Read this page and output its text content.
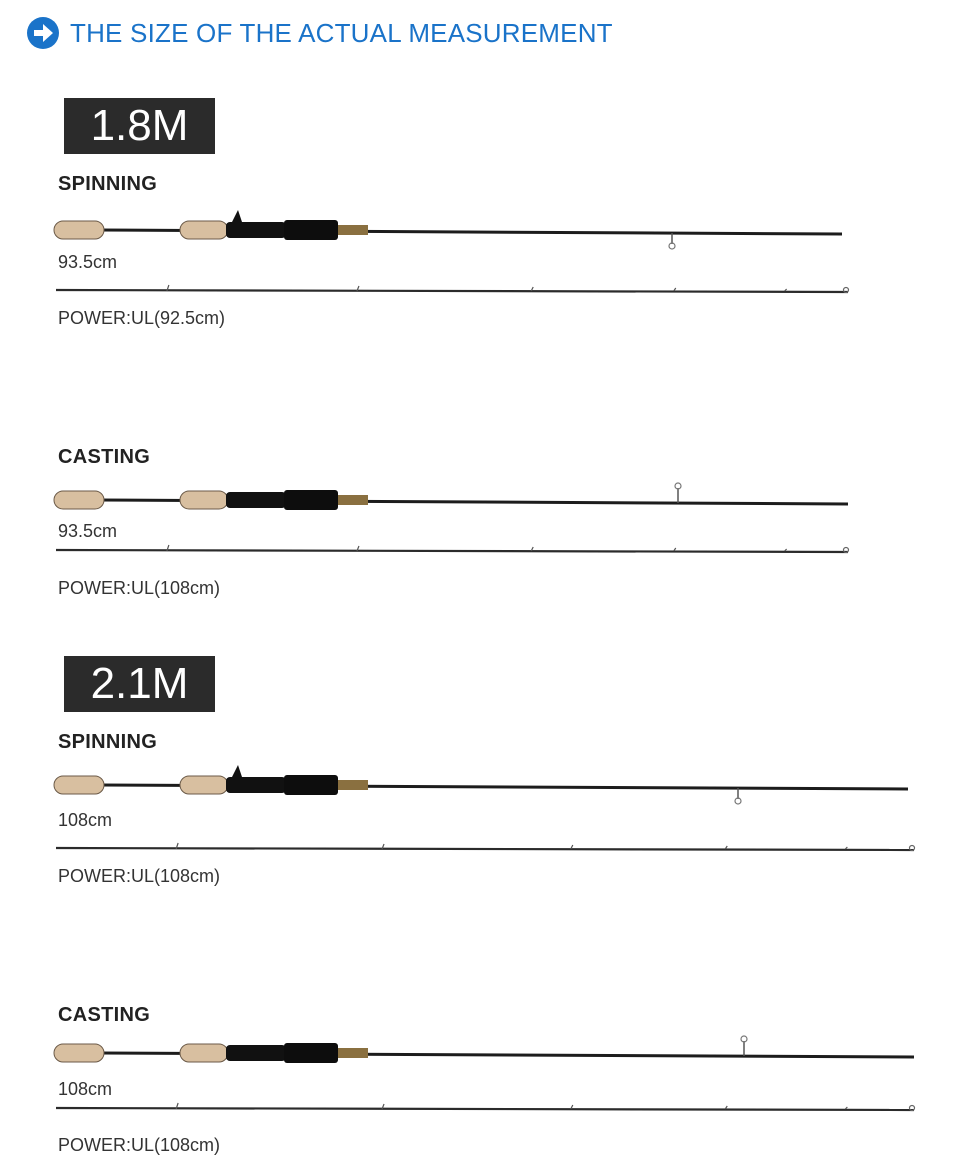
THE SIZE OF THE ACTUAL MEASUREMENT
1.8M
SPINNING
93.5cm
POWER:UL(92.5cm)
CASTING
93.5cm
POWER:UL(108cm)
2.1M
SPINNING
108cm
POWER:UL(108cm)
CASTING
108cm
POWER:UL(108cm)
